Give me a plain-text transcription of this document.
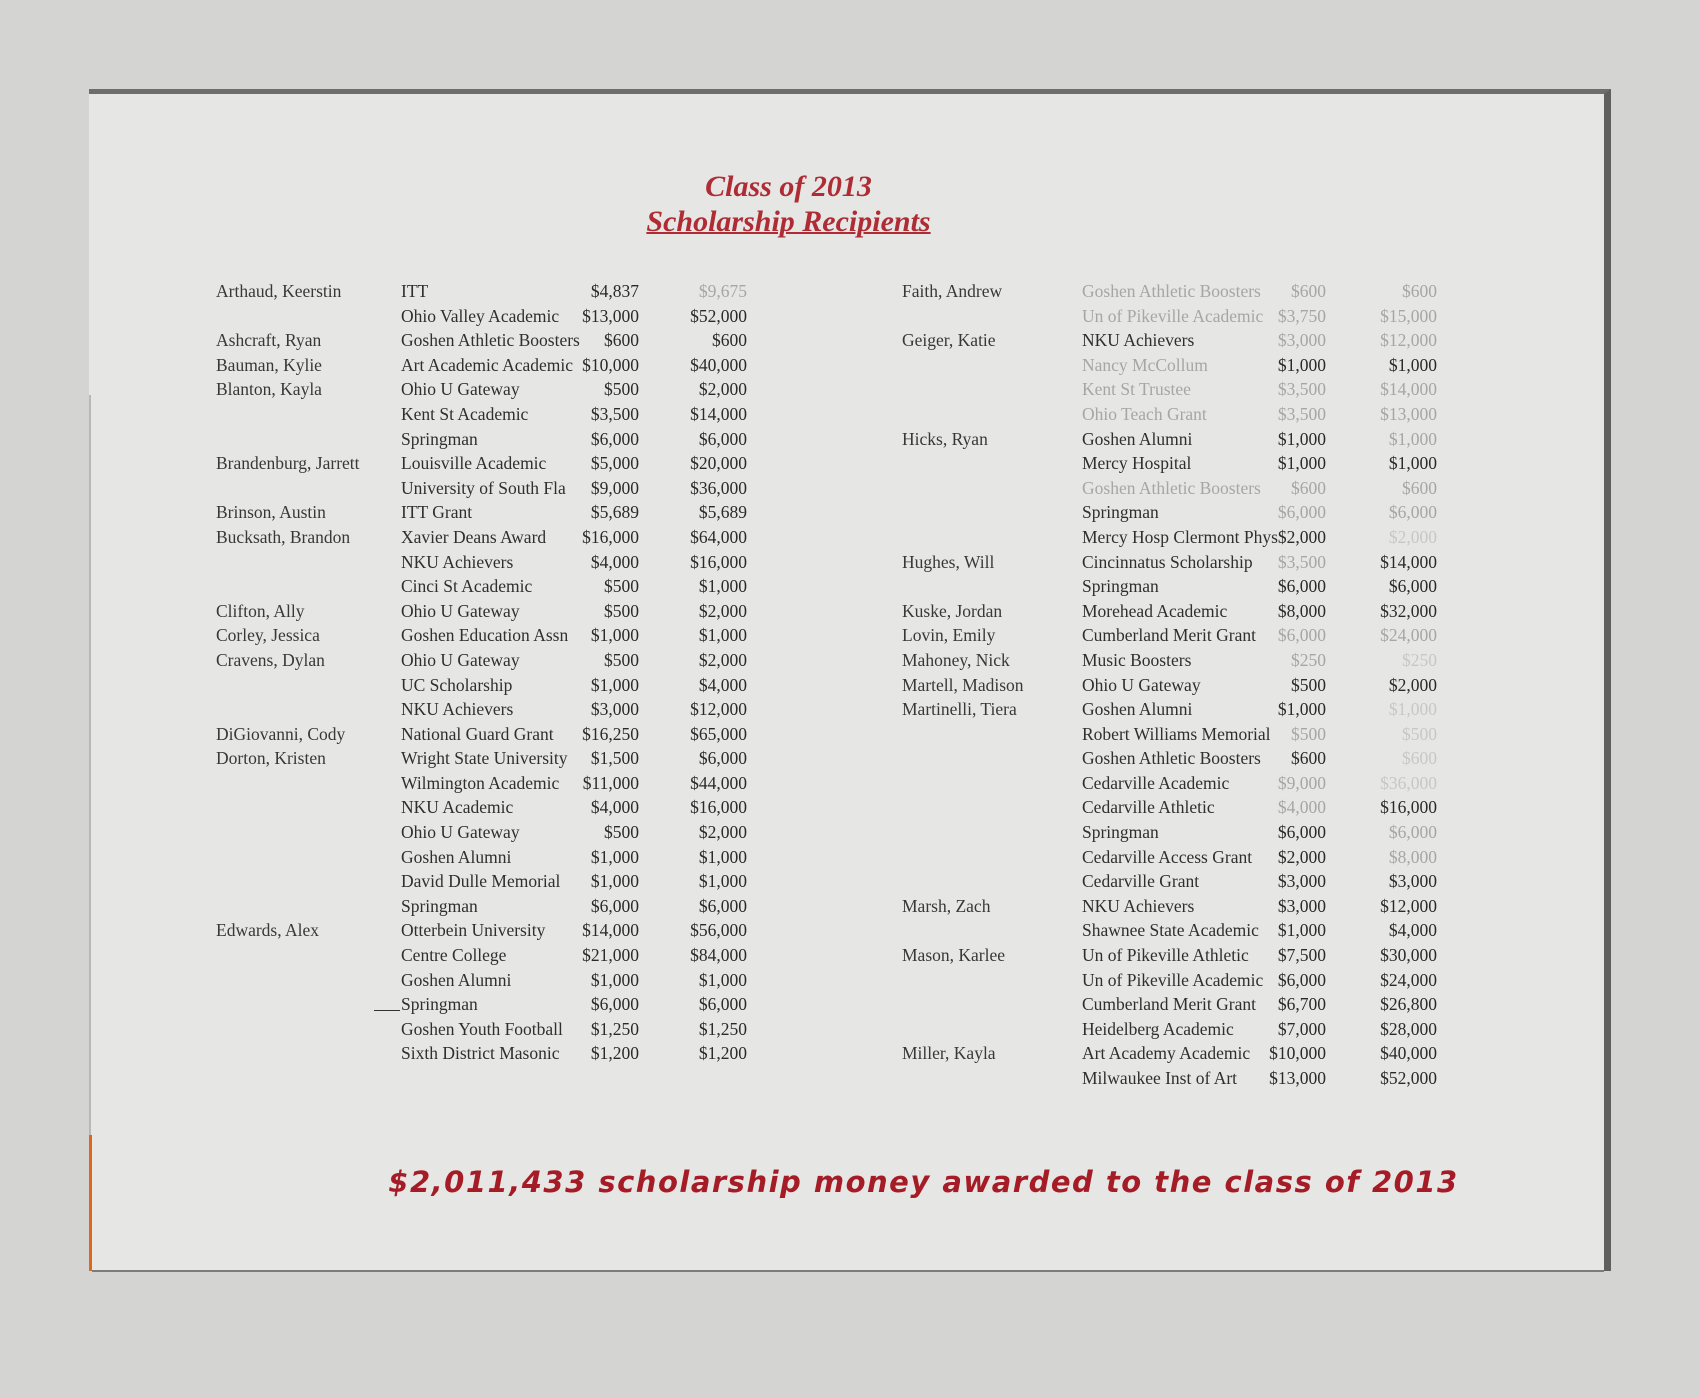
Class of 2013
Scholarship Recipients
Arthaud, Keerstin	ITT	$4,837	$9,675
Ohio Valley Academic	$13,000	$52,000
Ashcraft, Ryan	Goshen Athletic Boosters	$600	$600
Bauman, Kylie	Art Academic Academic $10,000	$40,000
Blanton, Kayla	Ohio U Gateway	$500	$2,000
Kent St Academic	$3,500	$14,000
Springman	$6,000	$6,000
Brandenburg, Jarrett Louisville Academic	$5,000	$20,000
University of South Fla	$9,000	$36,000
Brinson, Austin	ITT Grant	$5,689	$5,689
Bucksath, Brandon	Xavier Deans Award	$16,000	$64,000
NKU Achievers	$4,000	$16,000
Cinci St Academic	$500	$1,000
Clifton, Ally	Ohio U Gateway	$500	$2,000
Corley, Jessica	Goshen Education Assn	$1,000	$1,000
Cravens, Dylan	Ohio U Gateway	$500	$2,000
UC Scholarship	$1,000	$4,000
NKU Achievers	$3,000	$12,000
DiGiovanni, Cody	National Guard Grant	$16,250	$65,000
Dorton, Kristen	Wright State University	$1,500	$6,000
Wilmington Academic	$11,000	$44,000
NKU Academic	$4,000	$16,000
Ohio U Gateway	$500	$2,000
Goshen Alumni	$1,000	$1,000
David Dulle Memorial	$1,000	$1,000
Springman	$6,000	$6,000
Edwards, Alex	Otterbein University	$14,000	$56,000
Centre College	$21,000	$84,000
Goshen Alumni	$1,000	$1,000
Springman	$6,000	$6,000
Goshen Youth Football	$1,250	$1,250
Sixth District Masonic	$1,200	$1,200
Faith, Andrew	Goshen Athletic Boosters	$600	$600
Un of Pikeville Academic $3,750	$15,000
Geiger, Katie	NKU Achievers	$3,000	$12,000
Nancy McCollum	$1,000	$1,000
Kent St Trustee	$3,500	$14,000
Ohio Teach Grant	$3,500	$13,000
Hicks, Ryan	Goshen Alumni	$1,000	$1,000
Mercy Hospital	$1,000	$1,000
Goshen Athletic Boosters	$600	$600
Springman	$6,000	$6,000
Mercy Hosp Clermont Phys $2,000	$2,000
Hughes, Will	Cincinnatus Scholarship	$3,500	$14,000
Springman	$6,000	$6,000
Kuske, Jordan	Morehead Academic	$8,000	$32,000
Lovin, Emily	Cumberland Merit Grant	$6,000	$24,000
Mahoney, Nick	Music Boosters	$250	$250
Martell, Madison	Ohio U Gateway	$500	$2,000
Martinelli, Tiera	Goshen Alumni	$1,000	$1,000
Robert Williams Memorial	$500	$500
Goshen Athletic Boosters	$600	$600
Cedarville Academic	$9,000	$36,000
Cedarville Athletic	$4,000	$16,000
Springman	$6,000	$6,000
Cedarville Access Grant	$2,000	$8,000
Cedarville Grant	$3,000	$3,000
Marsh, Zach	NKU Achievers	$3,000	$12,000
Shawnee State Academic	$1,000	$4,000
Mason, Karlee	Un of Pikeville Athletic	$7,500	$30,000
Un of Pikeville Academic $6,000	$24,000
Cumberland Merit Grant	$6,700	$26,800
Heidelberg Academic	$7,000	$28,000
Miller, Kayla	Art Academy Academic	$10,000	$40,000
Milwaukee Inst of Art	$13,000	$52,000
$2,011,433 scholarship money awarded to the class of 2013
